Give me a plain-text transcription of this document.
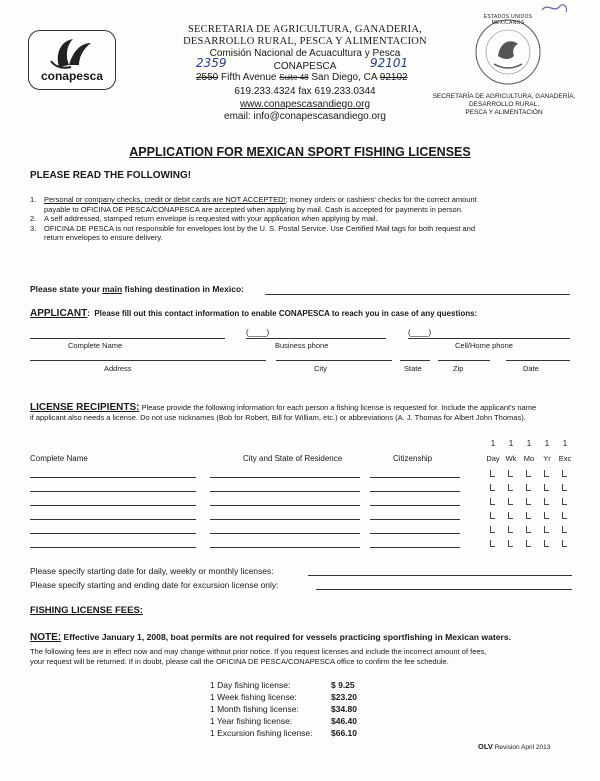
conapesca
SECRETARIA DE AGRICULTURA, GANADERIA,
DESARROLLO RURAL, PESCA Y ALIMENTACION
Comisión Nacional de Acuacultura y Pesca
CONAPESCA
2359	92101
2550 Fifth Avenue Suite 48 San Diego, CA 92102
619.233.4324 fax 619.233.0344
www.conapescasandiego.org
email: info@conapescasandiego.org
ESTADOS UNIDOS MEXICANOS
SECRETARÍA DE AGRICULTURA, GANADERÍA,
DESARROLLO RURAL,
PESCA Y ALIMENTACIÓN
APPLICATION FOR MEXICAN SPORT FISHING LICENSES
PLEASE READ THE FOLLOWING!
1.	Personal or company checks, credit or debit cards are NOT ACCEPTED!; money orders or cashiers' checks for the correct amount
payable to OFICINA DE PESCA/CONAPESCA are accepted when applying by mail. Cash is accepted for payments in person.
2.	A self addressed, stamped return envelope is requested with your application when applying by mail.
3.	OFICINA DE PESCA is not responsible for envelopes lost by the U. S. Postal Service. Use Certified Mail tags for both request and
return envelopes to ensure delivery.
Please state your main fishing destination in Mexico:
APPLICANT:  Please fill out this contact information to enable CONAPESCA to reach you in case of any questions:
(____)	(____)
Complete Name	Business phone	Cell/Home phone
Address	City	State	Zip	Date
LICENSE RECIPIENTS: Please provide the following information for each person a fishing license is requested for. Include the applicant's name
if applicant also needs a license. Do not use nicknames (Bob for Robert, Bill for William, etc.) or abbreviations (A. J. Thomas for Albert John Thomas).
1	1	1	1	1
Complete Name	City and State of Residence	Citizenship	Day Wk Mo	Yr	Exc
Please specify starting date for daily, weekly or monthly licenses:
Please specify starting and ending date for excursion license only:
FISHING LICENSE FEES:
NOTE: Effective January 1, 2008, boat permits are not required for vessels practicing sportfishing in Mexican waters.
The following fees are in effect now and may change without prior notice. If you request licenses and include the incorrect amount of fees,
your request will be returned. If in doubt, please call the OFICINA DE PESCA/CONAPESCA office to confirm the fee schedule.
1 Day fishing license:	$ 9.25
1 Week fishing license:	$23.20
1 Month fishing license:	$34.80
1 Year fishing license:	$46.40
1 Excursion fishing license: $66.10
OLV Revision April 2013
